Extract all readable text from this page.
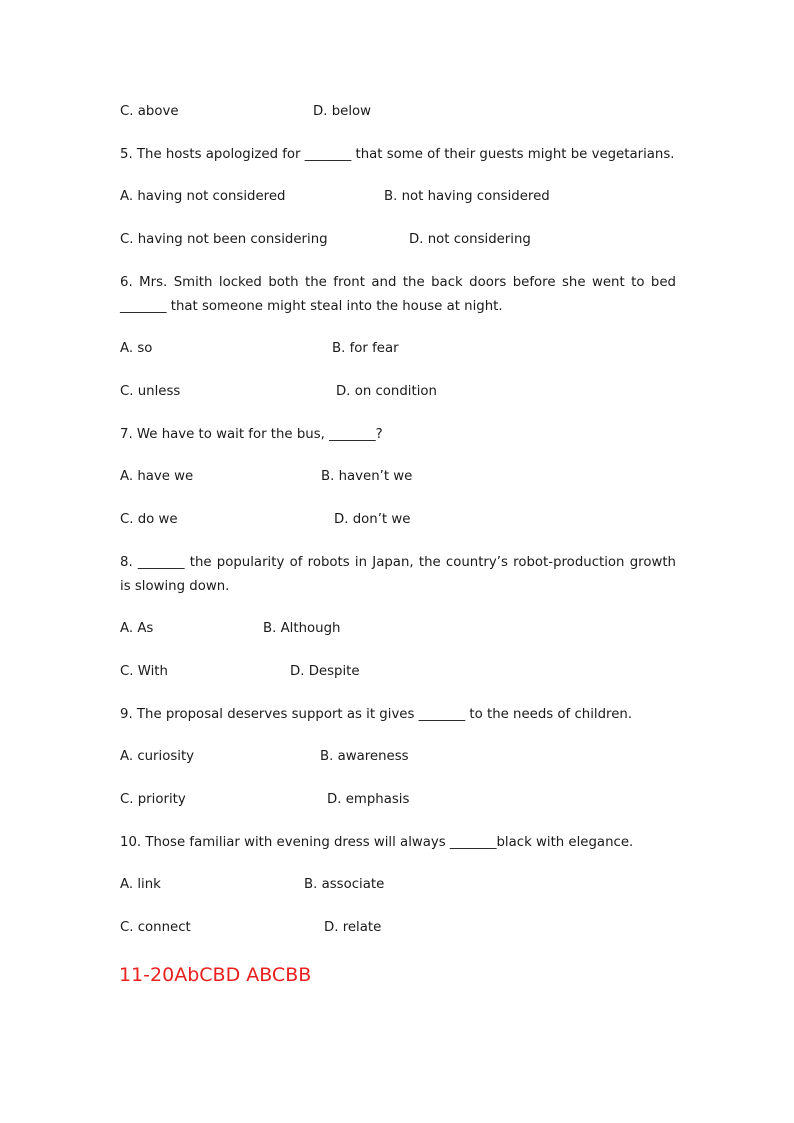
C. above	D. below
5. The hosts apologized for _______ that some of their guests might be vegetarians.
A. having not considered	B. not having considered
C. having not been considering	D. not considering
6. Mrs. Smith locked both the front and the back doors before she went to bed _______ that someone might steal into the house at night.
A. so	B. for fear
C. unless	D. on condition
7. We have to wait for the bus, _______?
A. have we	B. haven’t we
C. do we	D. don’t we
8. _______ the popularity of robots in Japan, the country’s robot-production growth is slowing down.
A. As	B. Although
C. With	D. Despite
9. The proposal deserves support as it gives _______ to the needs of children.
A. curiosity	B. awareness
C. priority	D. emphasis
10. Those familiar with evening dress will always _______black with elegance.
A. link	B. associate
C. connect	D. relate
11-20AbCBD ABCBB
